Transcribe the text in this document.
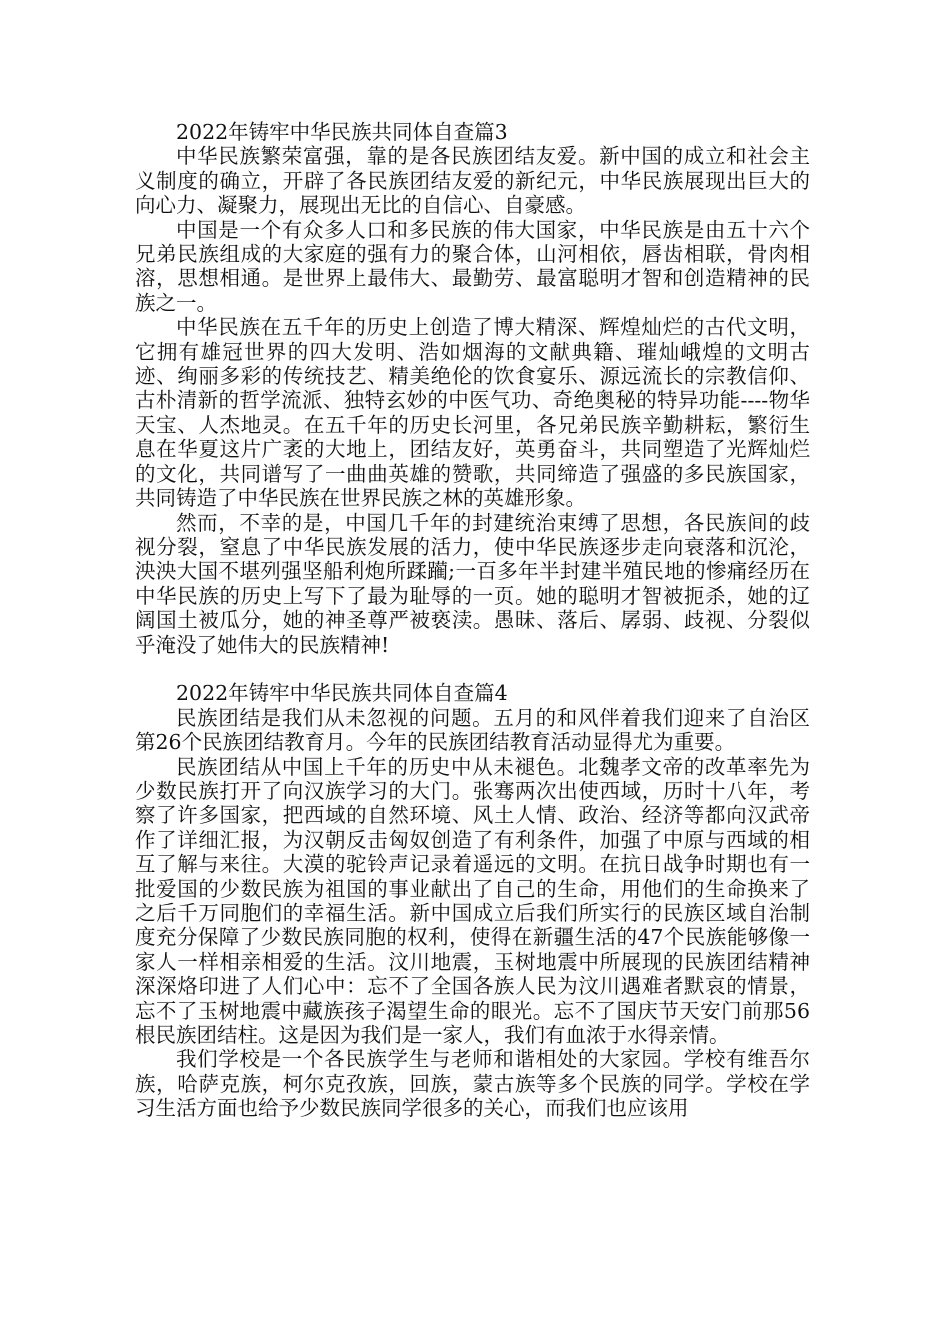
2022年铸牢中华民族共同体自查篇3

中华民族繁荣富强，靠的是各民族团结友爱。新中国的成立和社会主义制度的确立，开辟了各民族团结友爱的新纪元，中华民族展现出巨大的向心力、凝聚力，展现出无比的自信心、自豪感。

中国是一个有众多人口和多民族的伟大国家，中华民族是由五十六个兄弟民族组成的大家庭的强有力的聚合体，山河相依，唇齿相联，骨肉相溶，思想相通。是世界上最伟大、最勤劳、最富聪明才智和创造精神的民族之一。

中华民族在五千年的历史上创造了博大精深、辉煌灿烂的古代文明，它拥有雄冠世界的四大发明、浩如烟海的文献典籍、璀灿峨煌的文明古迹、绚丽多彩的传统技艺、精美绝伦的饮食宴乐、源远流长的宗教信仰、古朴清新的哲学流派、独特玄妙的中医气功、奇绝奥秘的特异功能----物华天宝、人杰地灵。在五千年的历史长河里，各兄弟民族辛勤耕耘，繁衍生息在华夏这片广袤的大地上，团结友好，英勇奋斗，共同塑造了光辉灿烂的文化，共同谱写了一曲曲英雄的赞歌，共同缔造了强盛的多民族国家，共同铸造了中华民族在世界民族之林的英雄形象。

然而，不幸的是，中国几千年的封建统治束缚了思想，各民族间的歧视分裂，窒息了中华民族发展的活力，使中华民族逐步走向衰落和沉沦，泱泱大国不堪列强坚船利炮所蹂躏;一百多年半封建半殖民地的惨痛经历在中华民族的历史上写下了最为耻辱的一页。她的聪明才智被扼杀，她的辽阔国土被瓜分，她的神圣尊严被亵渎。愚昧、落后、孱弱、歧视、分裂似乎淹没了她伟大的民族精神!

2022年铸牢中华民族共同体自查篇4

民族团结是我们从未忽视的问题。五月的和风伴着我们迎来了自治区第26个民族团结教育月。今年的民族团结教育活动显得尤为重要。

民族团结从中国上千年的历史中从未褪色。北魏孝文帝的改革率先为少数民族打开了向汉族学习的大门。张骞两次出使西域，历时十八年，考察了许多国家，把西域的自然环境、风土人情、政治、经济等都向汉武帝作了详细汇报，为汉朝反击匈奴创造了有利条件，加强了中原与西域的相互了解与来往。大漠的驼铃声记录着遥远的文明。在抗日战争时期也有一批爱国的少数民族为祖国的事业献出了自己的生命，用他们的生命换来了之后千万同胞们的幸福生活。新中国成立后我们所实行的民族区域自治制度充分保障了少数民族同胞的权利，使得在新疆生活的47个民族能够像一家人一样相亲相爱的生活。汶川地震，玉树地震中所展现的民族团结精神深深烙印进了人们心中：忘不了全国各族人民为汶川遇难者默哀的情景，忘不了玉树地震中藏族孩子渴望生命的眼光。忘不了国庆节天安门前那56根民族团结柱。这是因为我们是一家人，我们有血浓于水得亲情。

我们学校是一个各民族学生与老师和谐相处的大家园。学校有维吾尔族，哈萨克族，柯尔克孜族，回族，蒙古族等多个民族的同学。学校在学习生活方面也给予少数民族同学很多的关心，而我们也应该用
